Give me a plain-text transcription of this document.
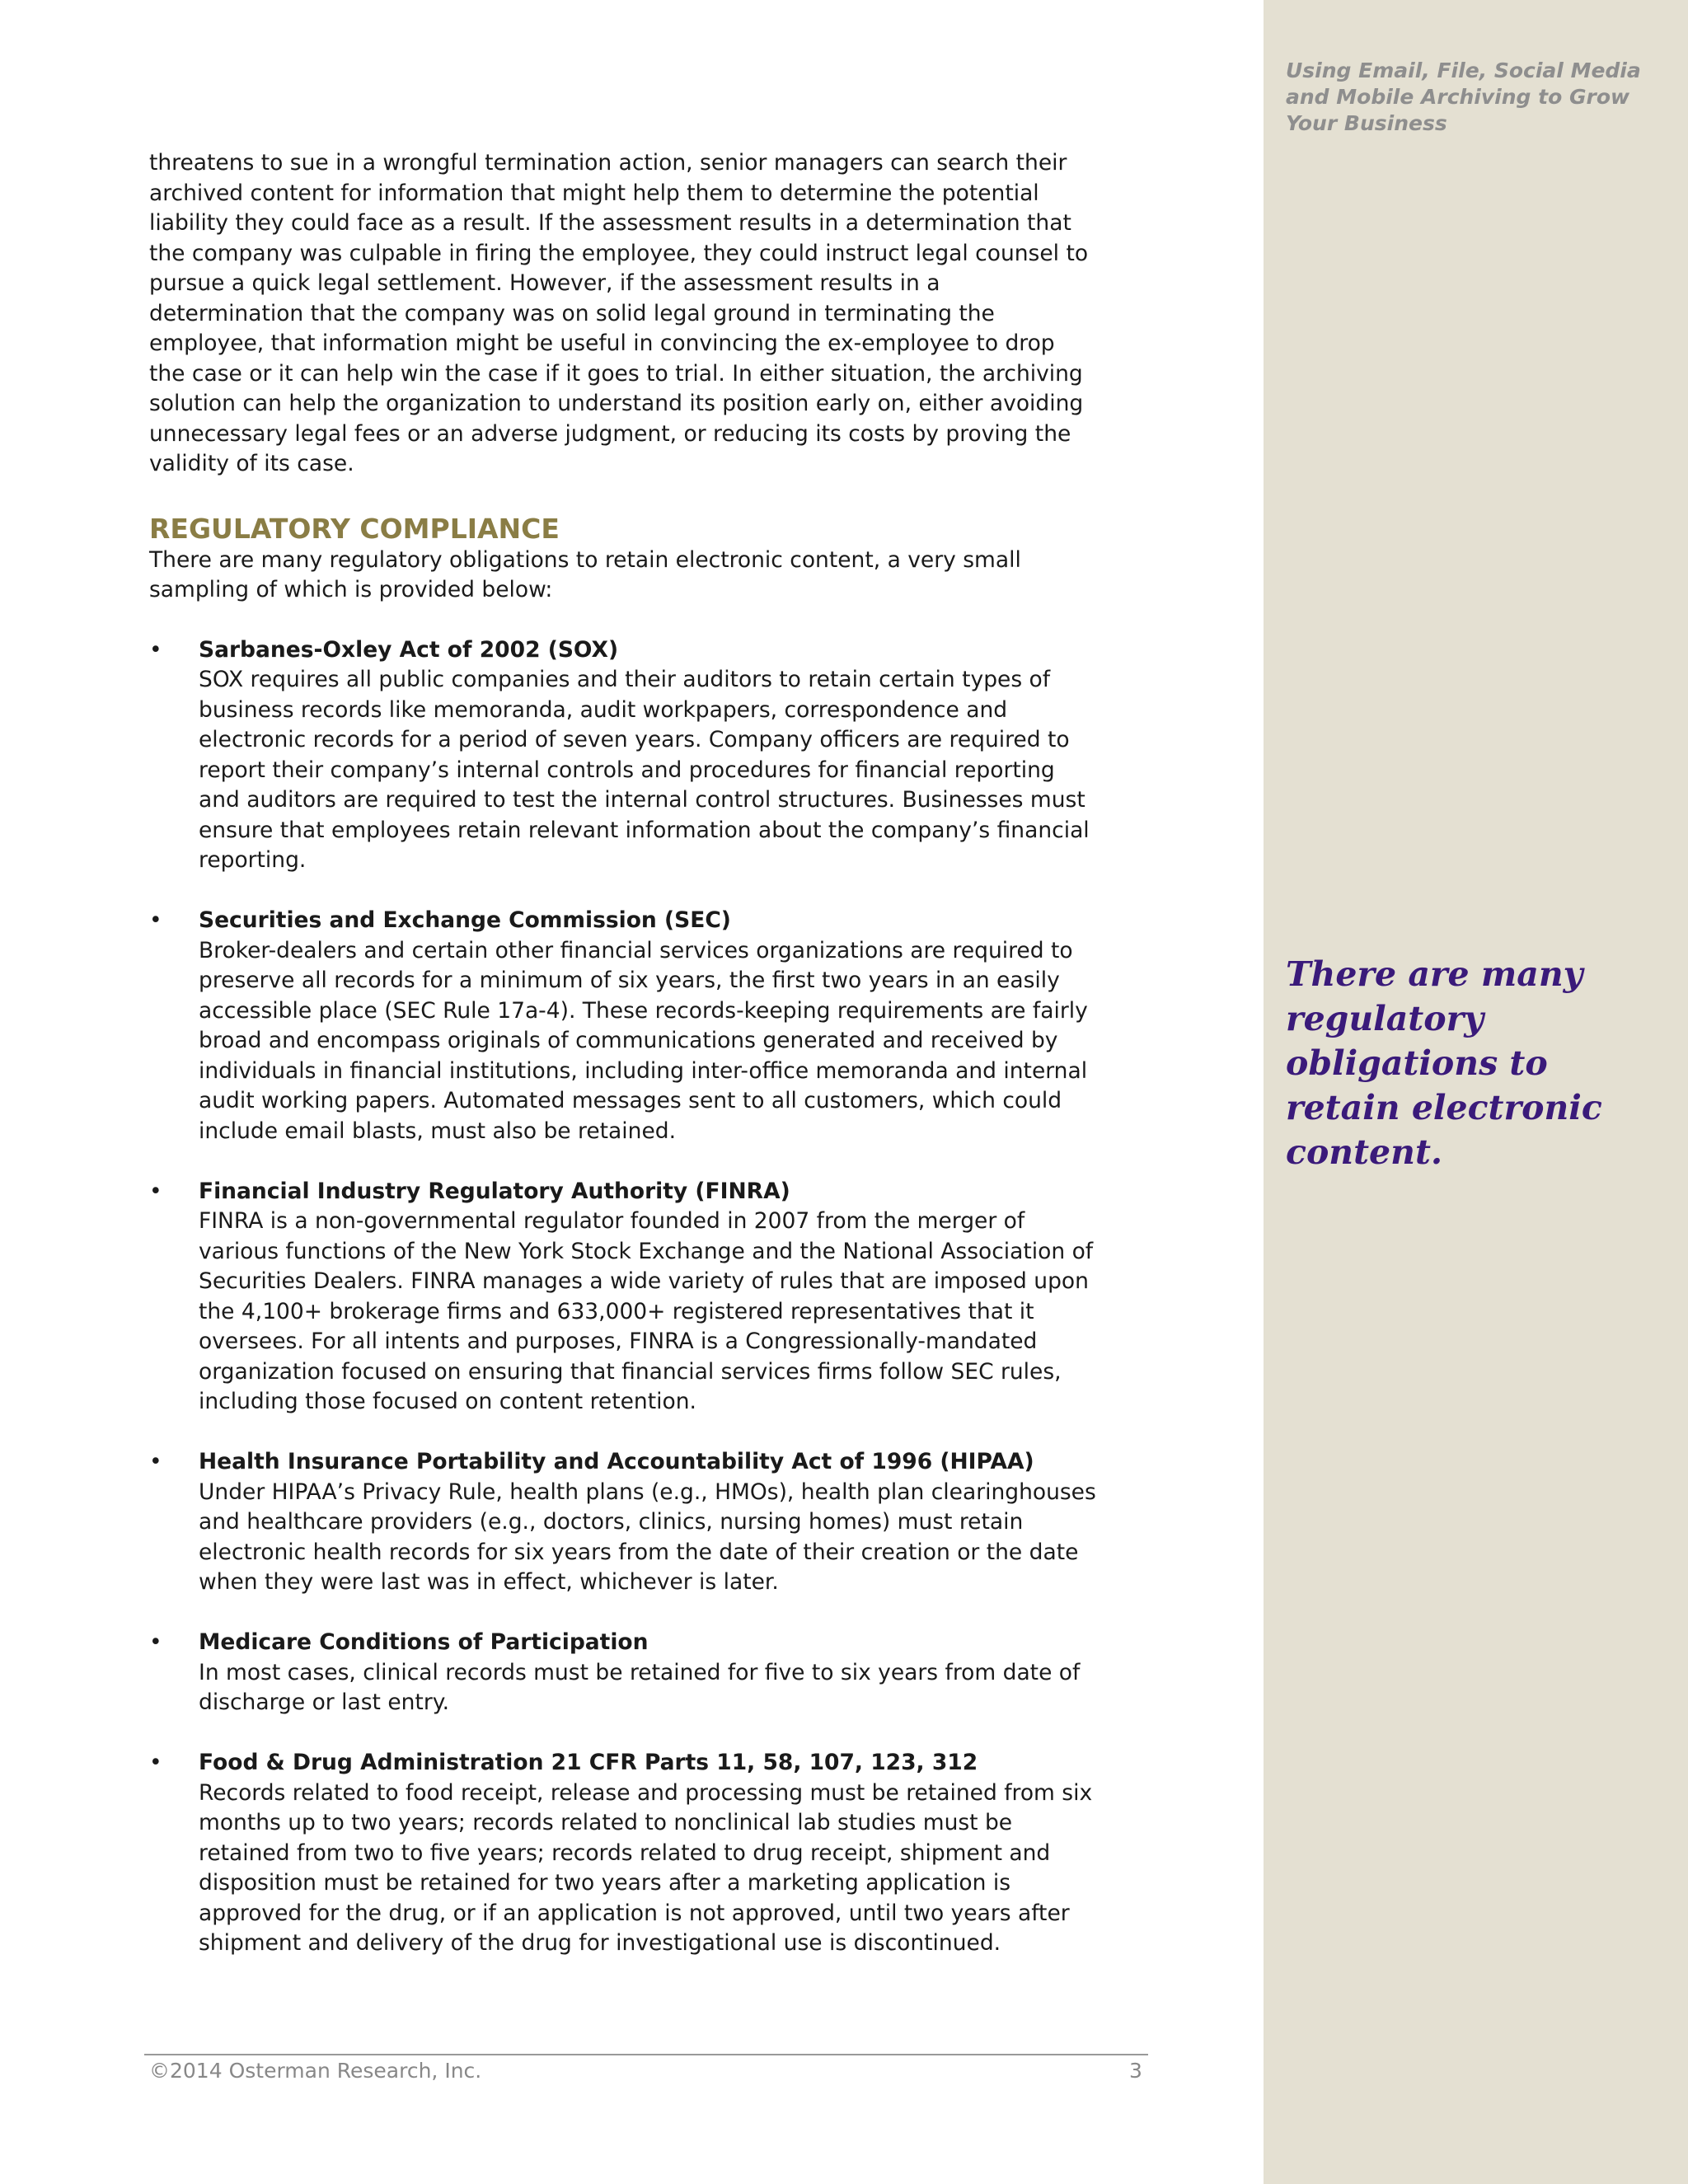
Using Email, File, Social Media and Mobile Archiving to Grow Your Business
There are many regulatory obligations to retain electronic content.

threatens to sue in a wrongful termination action, senior managers can search their archived content for information that might help them to determine the potential liability they could face as a result. If the assessment results in a determination that the company was culpable in firing the employee, they could instruct legal counsel to pursue a quick legal settlement. However, if the assessment results in a determination that the company was on solid legal ground in terminating the employee, that information might be useful in convincing the ex-employee to drop the case or it can help win the case if it goes to trial. In either situation, the archiving solution can help the organization to understand its position early on, either avoiding unnecessary legal fees or an adverse judgment, or reducing its costs by proving the validity of its case.

REGULATORY COMPLIANCE

There are many regulatory obligations to retain electronic content, a very small sampling of which is provided below:

• Sarbanes-Oxley Act of 2002 (SOX)
SOX requires all public companies and their auditors to retain certain types of business records like memoranda, audit workpapers, correspondence and electronic records for a period of seven years. Company officers are required to report their company’s internal controls and procedures for financial reporting and auditors are required to test the internal control structures. Businesses must ensure that employees retain relevant information about the company’s financial reporting.
• Securities and Exchange Commission (SEC)
Broker-dealers and certain other financial services organizations are required to preserve all records for a minimum of six years, the first two years in an easily accessible place (SEC Rule 17a-4). These records-keeping requirements are fairly broad and encompass originals of communications generated and received by individuals in financial institutions, including inter-office memoranda and internal audit working papers. Automated messages sent to all customers, which could include email blasts, must also be retained.
• Financial Industry Regulatory Authority (FINRA)
FINRA is a non-governmental regulator founded in 2007 from the merger of various functions of the New York Stock Exchange and the National Association of Securities Dealers. FINRA manages a wide variety of rules that are imposed upon the 4,100+ brokerage firms and 633,000+ registered representatives that it oversees. For all intents and purposes, FINRA is a Congressionally-mandated organization focused on ensuring that financial services firms follow SEC rules, including those focused on content retention.
• Health Insurance Portability and Accountability Act of 1996 (HIPAA)
Under HIPAA’s Privacy Rule, health plans (e.g., HMOs), health plan clearinghouses and healthcare providers (e.g., doctors, clinics, nursing homes) must retain electronic health records for six years from the date of their creation or the date when they were last was in effect, whichever is later.
• Medicare Conditions of Participation
In most cases, clinical records must be retained for five to six years from date of discharge or last entry.
• Food & Drug Administration 21 CFR Parts 11, 58, 107, 123, 312
Records related to food receipt, release and processing must be retained from six months up to two years; records related to nonclinical lab studies must be retained from two to five years; records related to drug receipt, shipment and disposition must be retained for two years after a marketing application is approved for the drug, or if an application is not approved, until two years after shipment and delivery of the drug for investigational use is discontinued.
©2014 Osterman Research, Inc.	3
